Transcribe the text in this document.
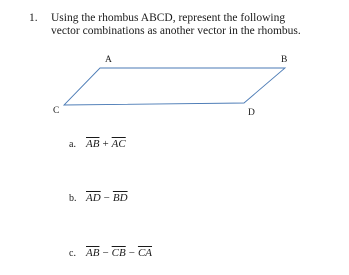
1. Using the rhombus ABCD, represent the following
vector combinations as another vector in the rhombus.
A	B
C	D
a. $\overline{AB} + \overline{AC}$
b. $\overline{AD} - \overline{BD}$
c. $\overline{AB} - \overline{CB} - \overline{CA}$
